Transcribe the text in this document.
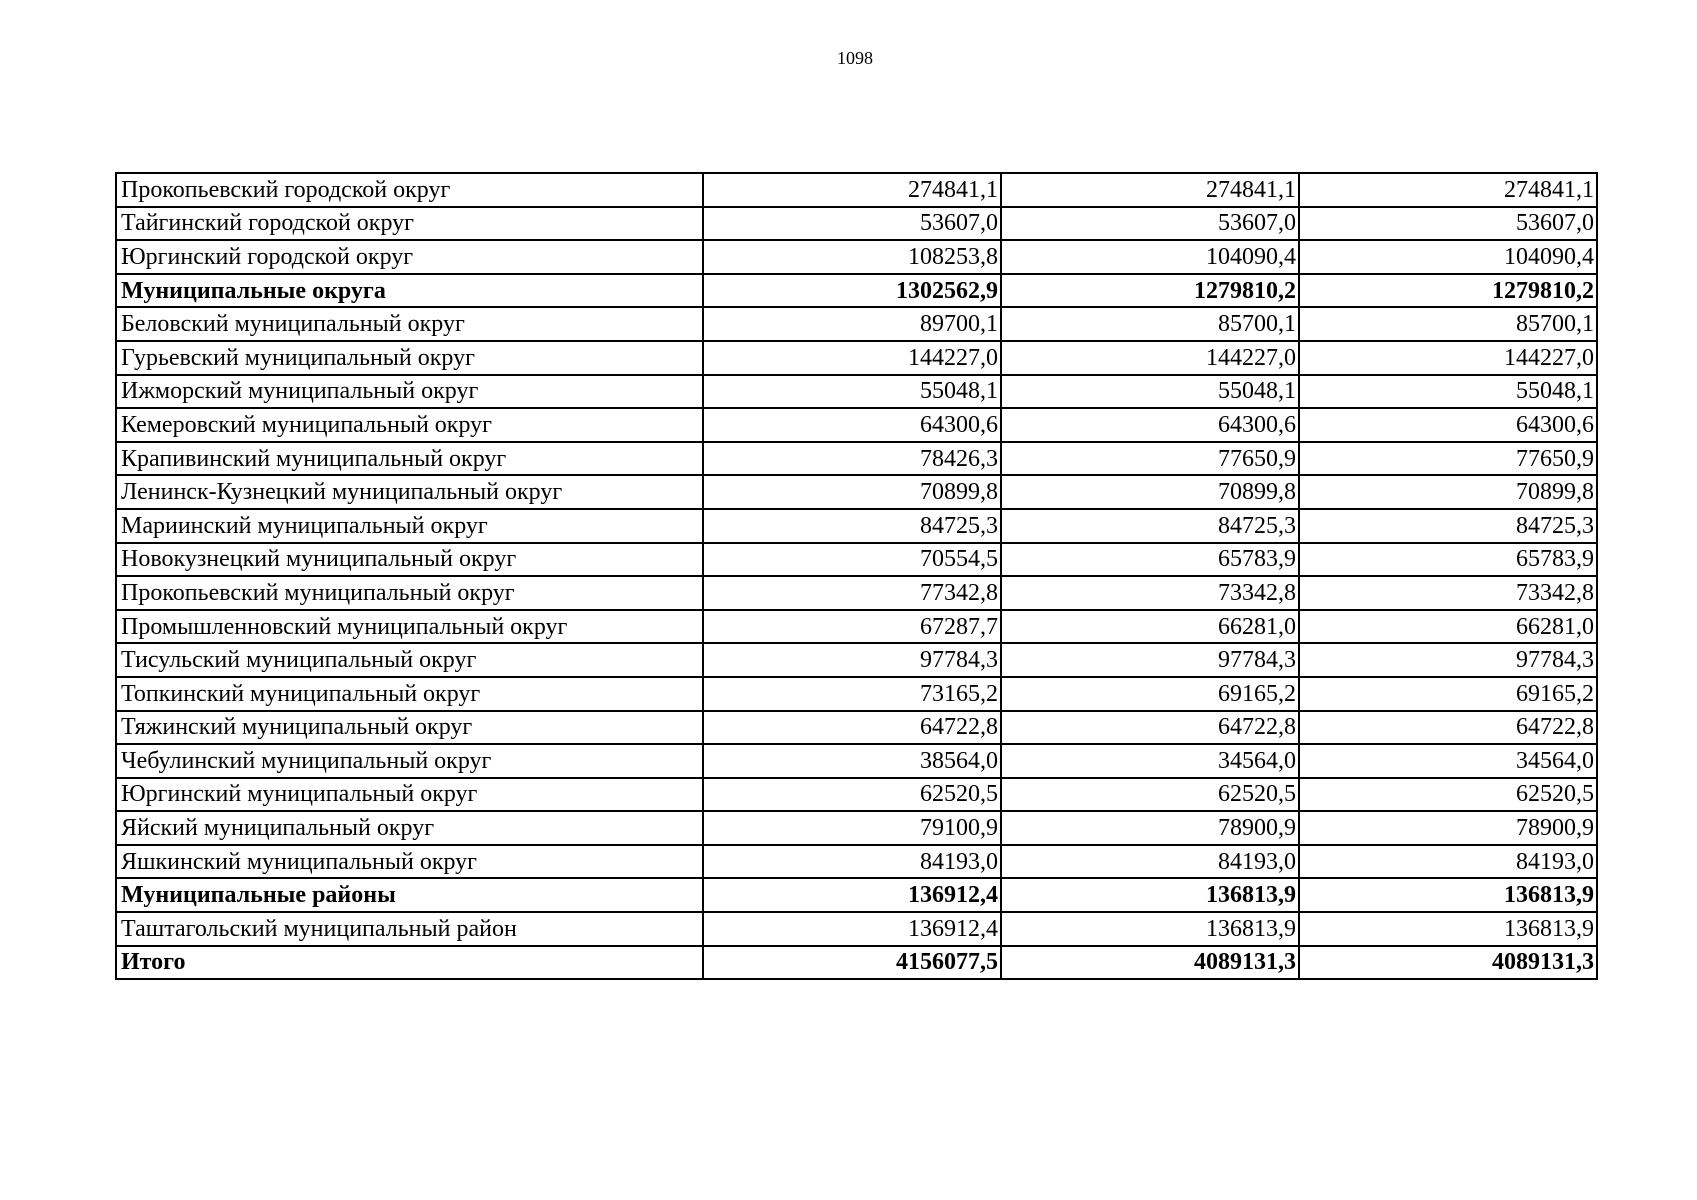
1098
Прокопьевский городской округ	274841,1	274841,1	274841,1
Тайгинский городской округ	53607,0	53607,0	53607,0
Юргинский городской округ	108253,8	104090,4	104090,4
Муниципальные округа	1302562,9	1279810,2	1279810,2
Беловский муниципальный округ	89700,1	85700,1	85700,1
Гурьевский муниципальный округ	144227,0	144227,0	144227,0
Ижморский муниципальный округ	55048,1	55048,1	55048,1
Кемеровский муниципальный округ	64300,6	64300,6	64300,6
Крапивинский муниципальный округ	78426,3	77650,9	77650,9
Ленинск-Кузнецкий муниципальный округ	70899,8	70899,8	70899,8
Мариинский муниципальный округ	84725,3	84725,3	84725,3
Новокузнецкий муниципальный округ	70554,5	65783,9	65783,9
Прокопьевский муниципальный округ	77342,8	73342,8	73342,8
Промышленновский муниципальный округ	67287,7	66281,0	66281,0
Тисульский муниципальный округ	97784,3	97784,3	97784,3
Топкинский муниципальный округ	73165,2	69165,2	69165,2
Тяжинский муниципальный округ	64722,8	64722,8	64722,8
Чебулинский муниципальный округ	38564,0	34564,0	34564,0
Юргинский муниципальный округ	62520,5	62520,5	62520,5
Яйский муниципальный округ	79100,9	78900,9	78900,9
Яшкинский муниципальный округ	84193,0	84193,0	84193,0
Муниципальные районы	136912,4	136813,9	136813,9
Таштагольский муниципальный район	136912,4	136813,9	136813,9
Итого	4156077,5	4089131,3	4089131,3
